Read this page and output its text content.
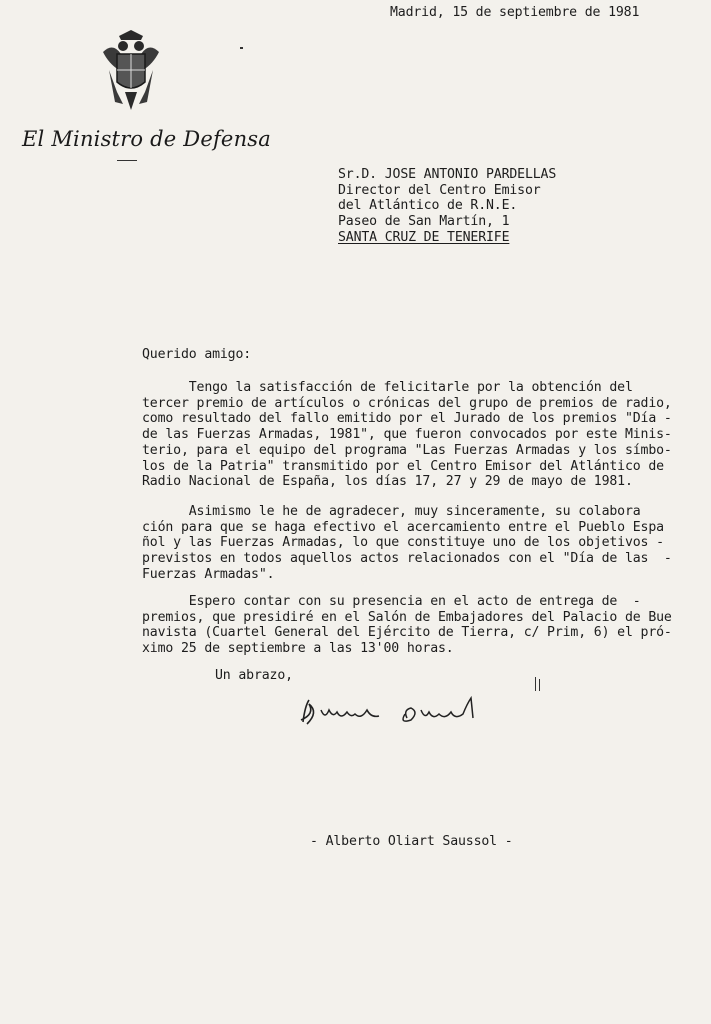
Madrid, 15 de septiembre de 1981
El Ministro de Defensa
Sr.D. JOSE ANTONIO PARDELLAS
Director del Centro Emisor
del Atlántico de R.N.E.
Paseo de San Martín, 1
SANTA CRUZ DE TENERIFE
Querido amigo:
Tengo la satisfacción de felicitarle por la obtención del
tercer premio de artículos o crónicas del grupo de premios de radio,
como resultado del fallo emitido por el Jurado de los premios "Día -
de las Fuerzas Armadas, 1981", que fueron convocados por este Minis-
terio, para el equipo del programa "Las Fuerzas Armadas y los símbo-
los de la Patria" transmitido por el Centro Emisor del Atlántico de
Radio Nacional de España, los días 17, 27 y 29 de mayo de 1981.
Asimismo le he de agradecer, muy sinceramente, su colabora
ción para que se haga efectivo el acercamiento entre el Pueblo Espa
ñol y las Fuerzas Armadas, lo que constituye uno de los objetivos -
previstos en todos aquellos actos relacionados con el "Día de las  -
Fuerzas Armadas".
Espero contar con su presencia en el acto de entrega de  -
premios, que presidiré en el Salón de Embajadores del Palacio de Bue
navista (Cuartel General del Ejército de Tierra, c/ Prim, 6) el pró-
ximo 25 de septiembre a las 13'00 horas.
Un abrazo,
- Alberto Oliart Saussol -
